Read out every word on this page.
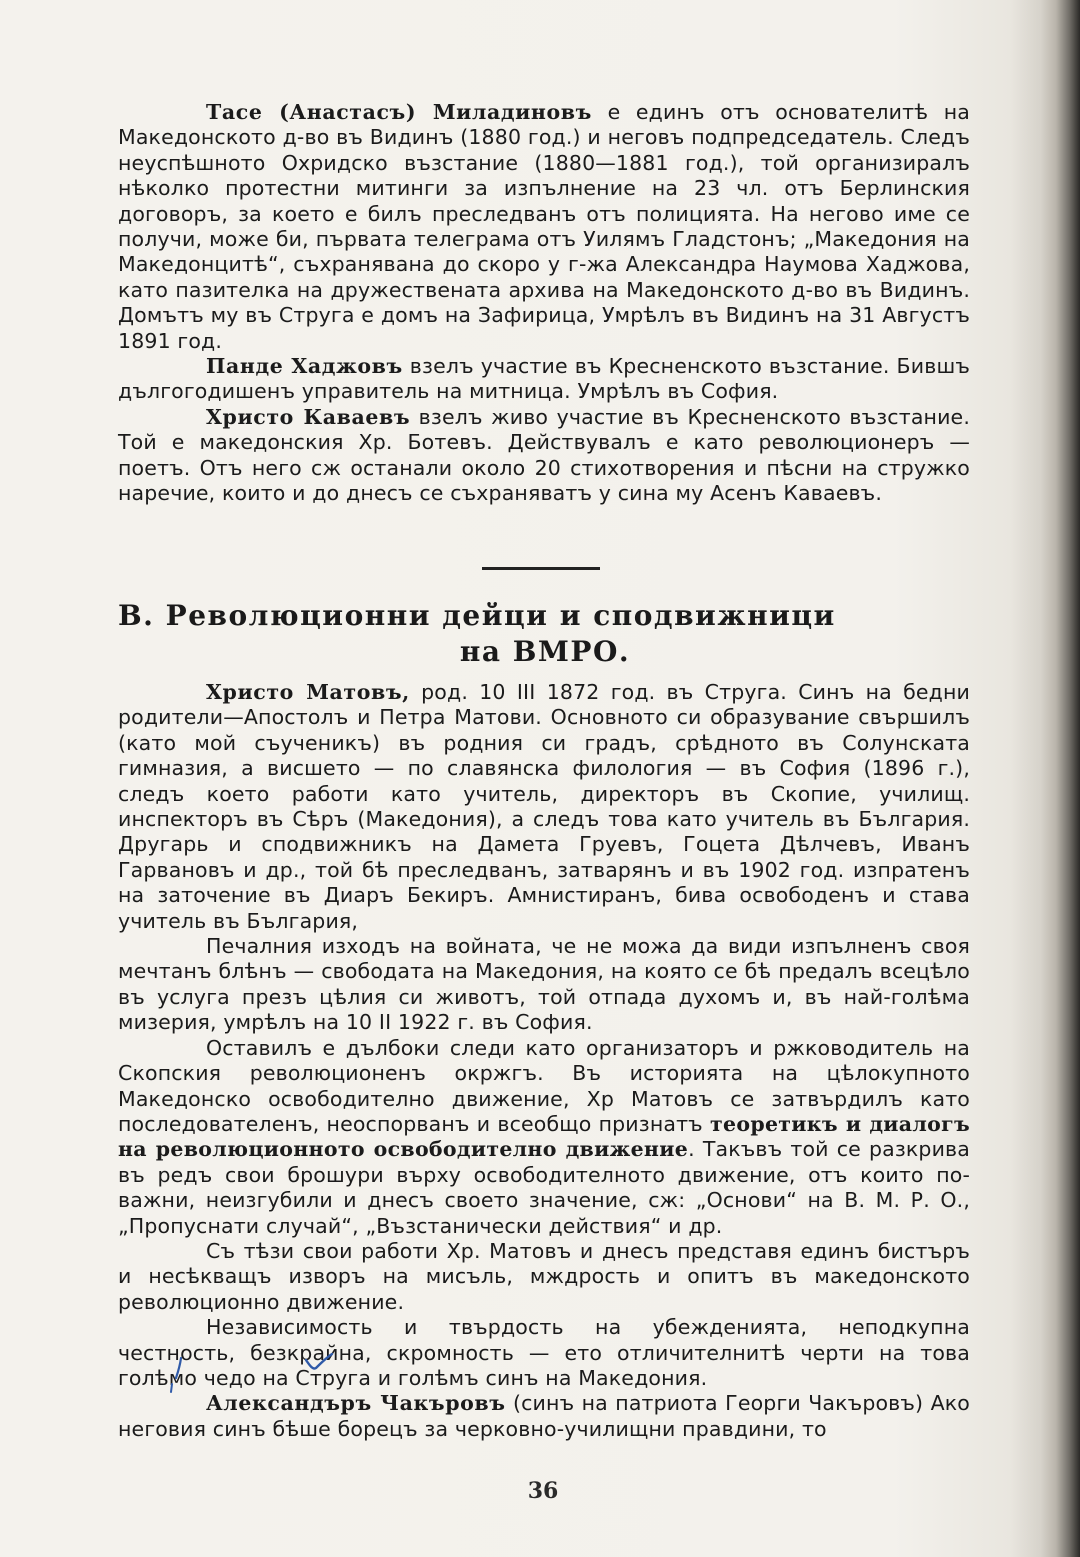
Тасе (Анастасъ) Миладиновъ е единъ отъ основателитѣ на Македонското д-во въ Видинъ (1880 год.) и неговъ подпредседатель. Следъ неуспѣшното Охридско възстание (1880—1881 год.), той организиралъ нѣколко протестни митинги за изпълнение на 23 чл. отъ Берлинския договоръ, за което е билъ преследванъ отъ полицията. На негово име се получи, може би, първата телеграма отъ Уилямъ Гладстонъ; „Македония на Македонцитѣ“, съхранявана до скоро у г-жа Александра Наумова Хаджова, като пазителка на дружествената архива на Македонското д-во въ Видинъ. Домътъ му въ Струга е домъ на Зафирица, Умрѣлъ въ Видинъ на 31 Августъ 1891 год.

Панде Хаджовъ взелъ участие въ Кресненското възстание. Бившъ дългогодишенъ управитель на митница. Умрѣлъ въ София.

Христо Каваевъ взелъ живо участие въ Кресненското възстание. Той е македонския Хр. Ботевъ. Действувалъ е като революционеръ — поетъ. Отъ него сж останали около 20 стихотворения и пѣсни на стружко наречие, които и до днесъ се съхраняватъ у сина му Асенъ Каваевъ.

В. Революционни дейци и сподвижници
на ВМРО.

Христо Матовъ, род. 10 III 1872 год. въ Струга. Синъ на бедни родители—Апостолъ и Петра Матови. Основното си образувание свършилъ (като мой съученикъ) въ родния си градъ, срѣдното въ Солунската гимназия, а висшето — по славянска филология — въ София (1896 г.), следъ което работи като учитель, директоръ въ Скопие, училищ. инспекторъ въ Сѣръ (Македония), а следъ това като учитель въ България. Другарь и сподвижникъ на Дамета Груевъ, Гоцета Дѣлчевъ, Иванъ Гарвановъ и др., той бѣ преследванъ, затварянъ и въ 1902 год. изпратенъ на заточение въ Диаръ Бекиръ. Амнистиранъ, бива освободенъ и става учитель въ България,

Печалния изходъ на войната, че не можа да види изпълненъ своя мечтанъ блѣнъ — свободата на Македония, на която се бѣ предалъ всецѣло въ услуга презъ цѣлия си животъ, той отпада духомъ и, въ най-голѣма мизерия, умрѣлъ на 10 II 1922 г. въ София.

Оставилъ е дълбоки следи като организаторъ и ржководитель на Скопския революционенъ окржгъ. Въ историята на цѣлокупното Македонско освободително движение, Хр Матовъ се затвърдилъ като последователенъ, неоспорванъ и всеобщо признатъ теоретикъ и диалогъ на революционното освободително движение. Такъвъ той се разкрива въ редъ свои брошури върху освободителното движение, отъ които по-важни, неизгубили и днесъ своето значение, сж: „Основи“ на В. М. Р. О., „Пропуснати случай“, „Възстанически действия“ и др.

Съ тѣзи свои работи Хр. Матовъ и днесъ представя единъ бистъръ и несѣкващъ изворъ на мисъль, мждрость и опитъ въ македонското революционно движение.

Независимость и твърдость на убежденията, неподкупна честность, безкрайна, скромность — ето отличителнитѣ черти на това голѣмо чедо на Струга и голѣмъ синъ на Македония.

Александъръ Чакъровъ (синъ на патриота Георги Чакъровъ) Ако неговия синъ бѣше борецъ за черковно-училищни правдини, то

36
